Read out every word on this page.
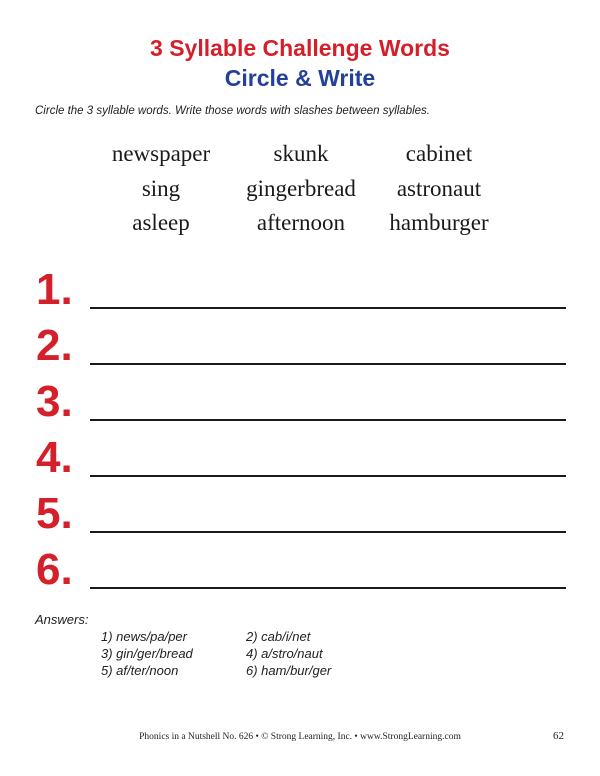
3 Syllable Challenge Words
Circle & Write
Circle the 3 syllable words. Write those words with slashes between syllables.
newspaper	skunk	cabinet
sing	gingerbread	astronaut
asleep	afternoon	hamburger
1.
2.
3.
4.
5.
6.
Answers:
1) news/pa/per	2) cab/i/net
3) gin/ger/bread	4) a/stro/naut
5) af/ter/noon	6) ham/bur/ger
Phonics in a Nutshell No. 626 • © Strong Learning, Inc. • www.StrongLearning.com	62
